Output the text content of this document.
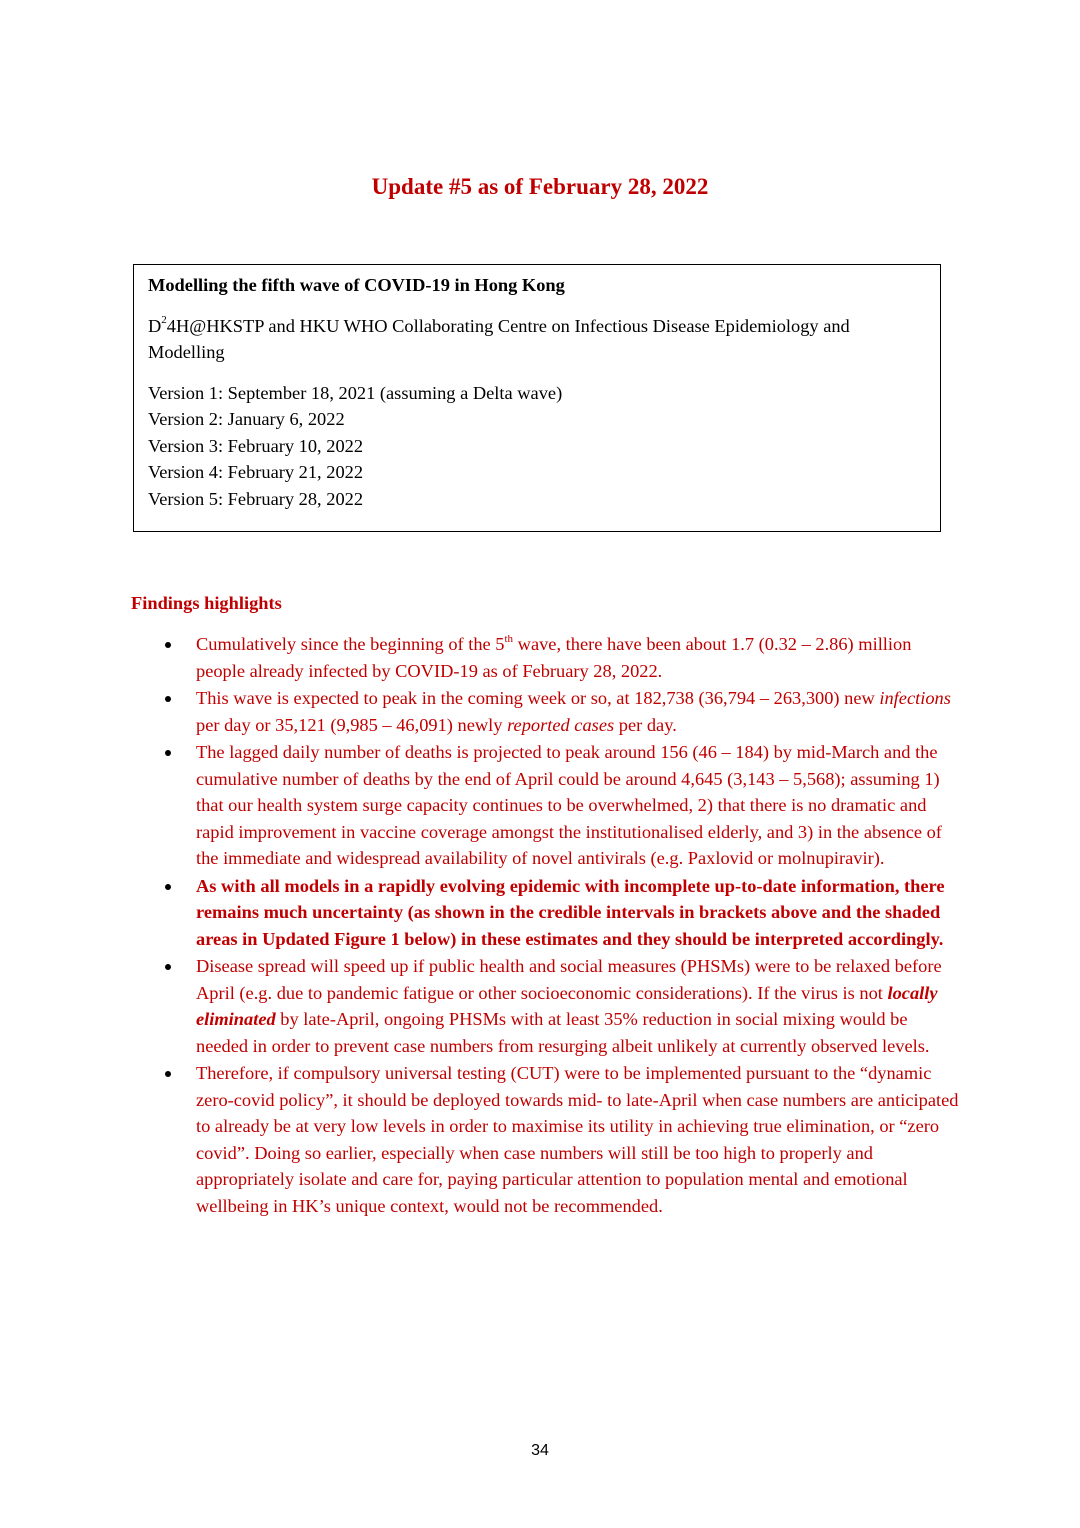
Update #5 as of February 28, 2022

Modelling the fifth wave of COVID-19 in Hong Kong

$D^24H@HKSTP$ and HKU WHO Collaborating Centre on Infectious Disease Epidemiology and Modelling

Version 1: September 18, 2021 (assuming a Delta wave)

Version 2: January 6, 2022

Version 3: February 10, 2022

Version 4: February 21, 2022

Version 5: February 28, 2022

Findings highlights
Cumulatively since the beginning of the 5th wave, there have been about 1.7 (0.32 – 2.86) million people already infected by COVID-19 as of February 28, 2022.
This wave is expected to peak in the coming week or so, at 182,738 (36,794 – 263,300) new infections per day or 35,121 (9,985 – 46,091) newly reported cases per day.
The lagged daily number of deaths is projected to peak around 156 (46 – 184) by mid-March and the cumulative number of deaths by the end of April could be around 4,645 (3,143 – 5,568); assuming 1) that our health system surge capacity continues to be overwhelmed, 2) that there is no dramatic and rapid improvement in vaccine coverage amongst the institutionalised elderly, and 3) in the absence of the immediate and widespread availability of novel antivirals (e.g. Paxlovid or molnupiravir).
As with all models in a rapidly evolving epidemic with incomplete up-to-date information, there remains much uncertainty (as shown in the credible intervals in brackets above and the shaded areas in Updated Figure 1 below) in these estimates and they should be interpreted accordingly.
Disease spread will speed up if public health and social measures (PHSMs) were to be relaxed before April (e.g. due to pandemic fatigue or other socioeconomic considerations). If the virus is not locally eliminated by late-April, ongoing PHSMs with at least 35% reduction in social mixing would be needed in order to prevent case numbers from resurging albeit unlikely at currently observed levels.
Therefore, if compulsory universal testing (CUT) were to be implemented pursuant to the “dynamic zero-covid policy”, it should be deployed towards mid- to late-April when case numbers are anticipated to already be at very low levels in order to maximise its utility in achieving true elimination, or “zero covid”. Doing so earlier, especially when case numbers will still be too high to properly and appropriately isolate and care for, paying particular attention to population mental and emotional wellbeing in HK’s unique context, would not be recommended.
34
